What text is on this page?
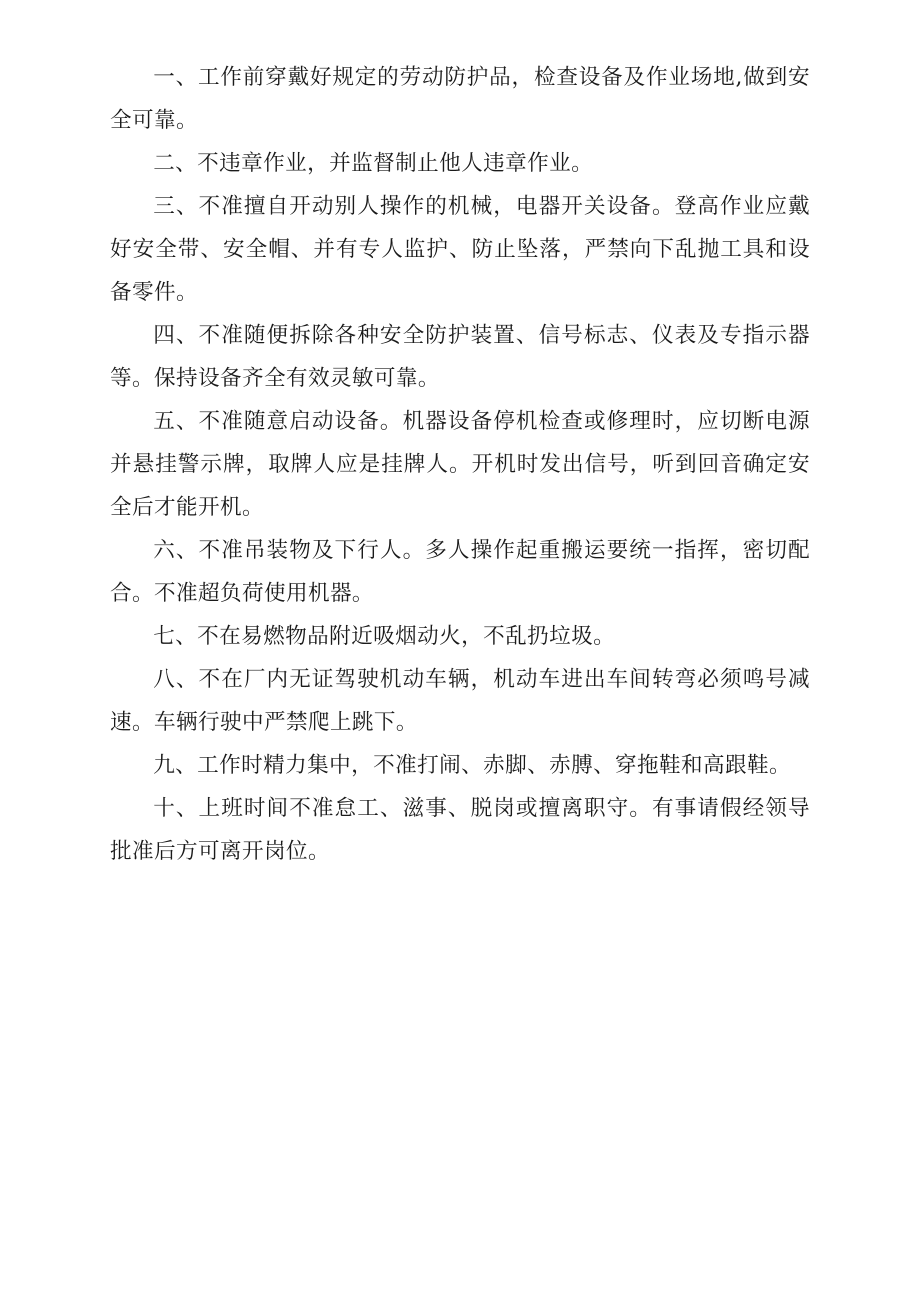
一、工作前穿戴好规定的劳动防护品，检查设备及作业场地,做到安全可靠。

二、不违章作业，并监督制止他人违章作业。

三、不准擅自开动别人操作的机械，电器开关设备。登高作业应戴好安全带、安全帽、并有专人监护、防止坠落，严禁向下乱抛工具和设备零件。

四、不准随便拆除各种安全防护装置、信号标志、仪表及专指示器等。保持设备齐全有效灵敏可靠。

五、不准随意启动设备。机器设备停机检查或修理时，应切断电源并悬挂警示牌，取牌人应是挂牌人。开机时发出信号，听到回音确定安全后才能开机。

六、不准吊装物及下行人。多人操作起重搬运要统一指挥，密切配合。不准超负荷使用机器。

七、不在易燃物品附近吸烟动火，不乱扔垃圾。

八、不在厂内无证驾驶机动车辆，机动车进出车间转弯必须鸣号减速。车辆行驶中严禁爬上跳下。

九、工作时精力集中，不准打闹、赤脚、赤膊、穿拖鞋和高跟鞋。

十、上班时间不准怠工、滋事、脱岗或擅离职守。有事请假经领导批准后方可离开岗位。
